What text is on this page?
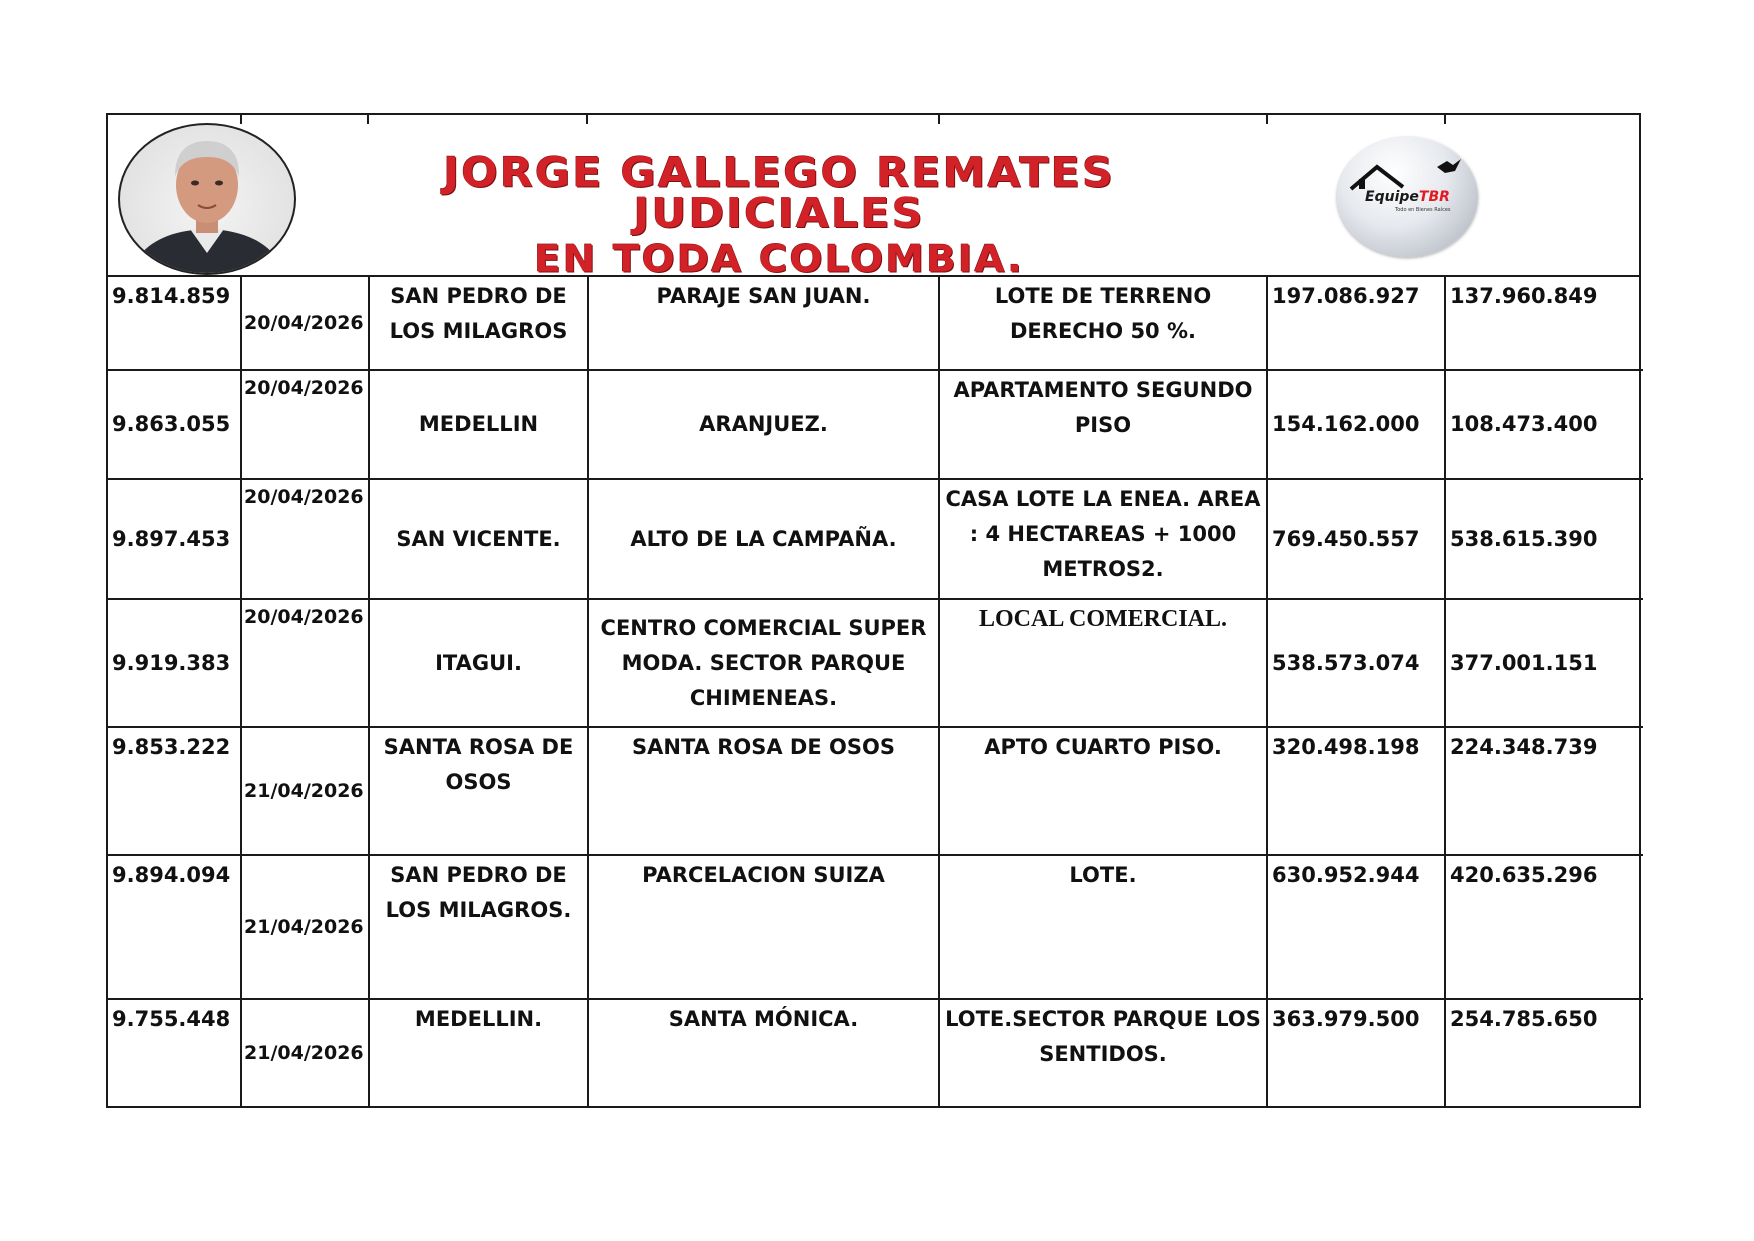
JORGE GALLEGO REMATES JUDICIALES
EN TODA COLOMBIA.
EquipeTBR
Todo en Bienes Raíces
9.814.859	20/04/2026	SAN PEDRO DE LOS MILAGROS	PARAJE SAN JUAN.	LOTE DE TERRENO DERECHO 50 %.	197.086.927	137.960.849
9.863.055	20/04/2026	MEDELLIN	ARANJUEZ.	APARTAMENTO SEGUNDO PISO	154.162.000	108.473.400
9.897.453	20/04/2026	SAN VICENTE.	ALTO DE LA CAMPAÑA.	CASA LOTE LA ENEA. AREA : 4 HECTAREAS + 1000 METROS2.	769.450.557	538.615.390
9.919.383	20/04/2026	ITAGUI.	CENTRO COMERCIAL SUPER MODA. SECTOR PARQUE CHIMENEAS.	LOCAL COMERCIAL.	538.573.074	377.001.151
9.853.222	21/04/2026	SANTA ROSA DE OSOS	SANTA ROSA DE OSOS	APTO CUARTO PISO.	320.498.198	224.348.739
9.894.094	21/04/2026	SAN PEDRO DE LOS MILAGROS.	PARCELACION SUIZA	LOTE.	630.952.944	420.635.296
9.755.448	21/04/2026	MEDELLIN.	SANTA MÓNICA.	LOTE.SECTOR PARQUE LOS SENTIDOS.	363.979.500	254.785.650
